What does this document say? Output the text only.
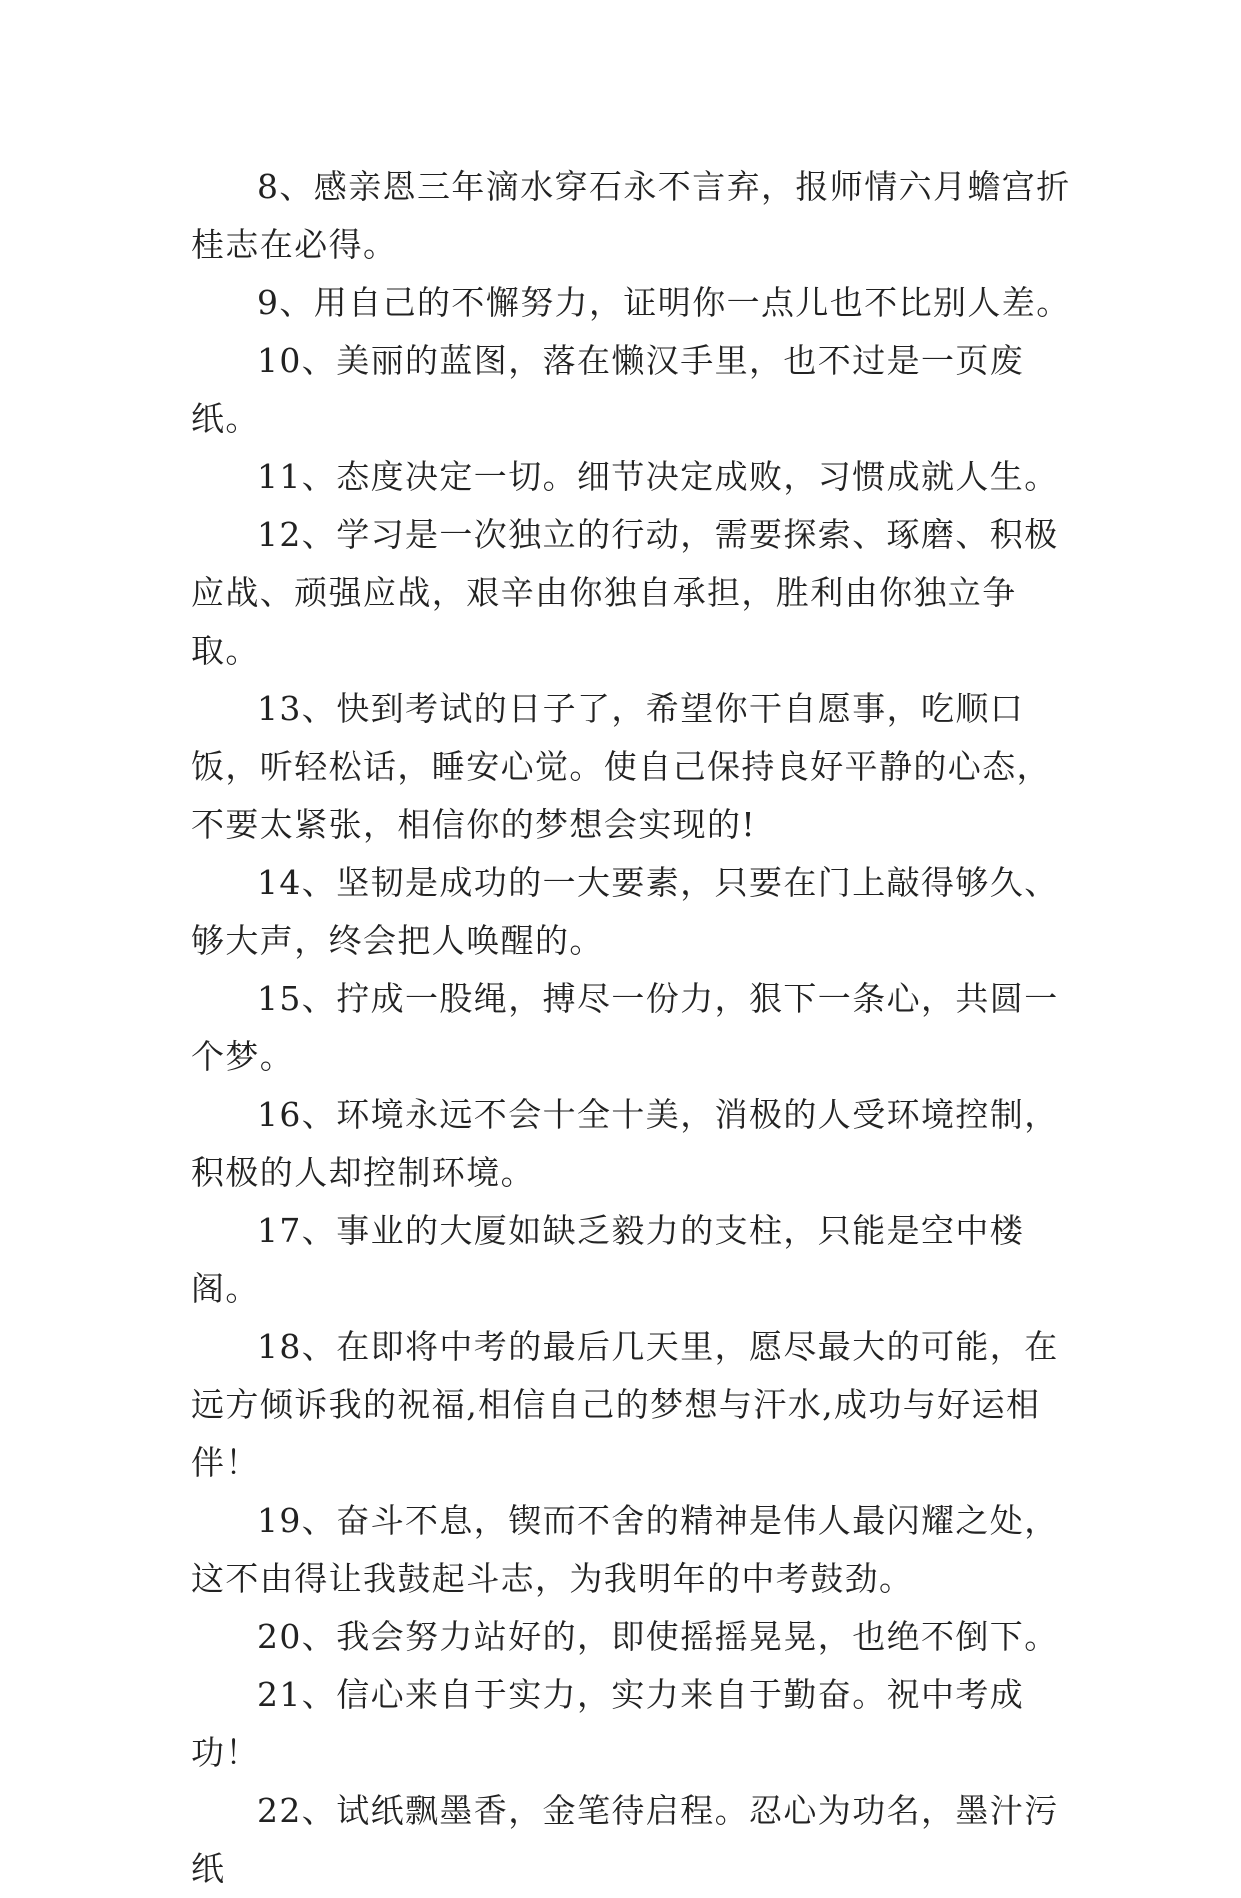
8、感亲恩三年滴水穿石永不言弃，报师情六月蟾宫折桂志在必得。

9、用自己的不懈努力，证明你一点儿也不比别人差。

10、美丽的蓝图，落在懒汉手里，也不过是一页废纸。

11、态度决定一切。细节决定成败，习惯成就人生。

12、学习是一次独立的行动，需要探索、琢磨、积极应战、顽强应战，艰辛由你独自承担，胜利由你独立争取。

13、快到考试的日子了，希望你干自愿事，吃顺口饭，听轻松话，睡安心觉。使自己保持良好平静的心态，不要太紧张，相信你的梦想会实现的!

14、坚韧是成功的一大要素，只要在门上敲得够久、够大声，终会把人唤醒的。

15、拧成一股绳，搏尽一份力，狠下一条心，共圆一个梦。

16、环境永远不会十全十美，消极的人受环境控制，积极的人却控制环境。

17、事业的大厦如缺乏毅力的支柱，只能是空中楼阁。

18、在即将中考的最后几天里，愿尽最大的可能，在远方倾诉我的祝福,相信自己的梦想与汗水,成功与好运相伴！

19、奋斗不息，锲而不舍的精神是伟人最闪耀之处，这不由得让我鼓起斗志，为我明年的中考鼓劲。

20、我会努力站好的，即使摇摇晃晃，也绝不倒下。

21、信心来自于实力，实力来自于勤奋。祝中考成功！

22、试纸飘墨香，金笔待启程。忍心为功名，墨汁污纸
